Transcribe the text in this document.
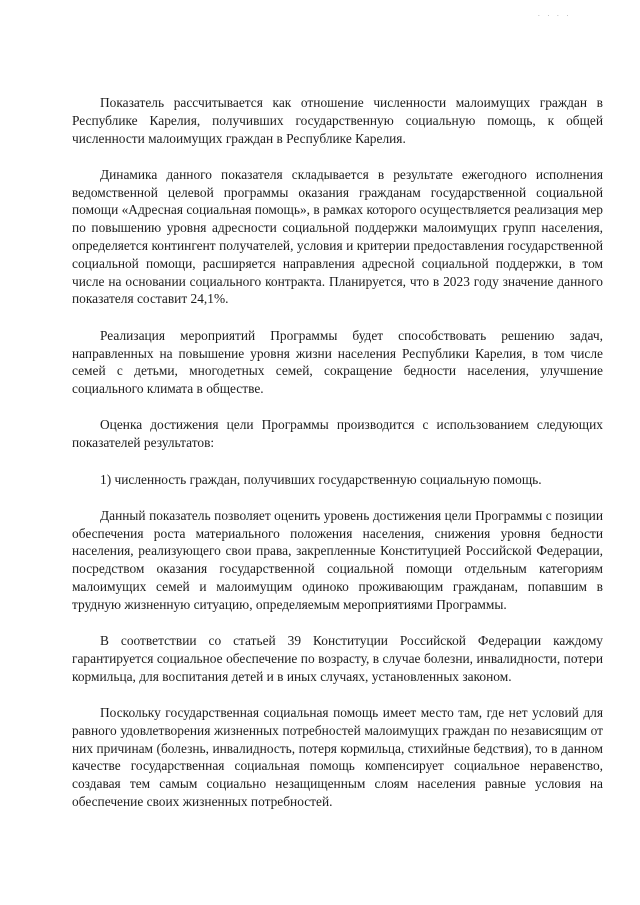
. . . .

Показатель рассчитывается как отношение численности малоимущих граждан в Республике Карелия, получивших государственную социальную помощь, к общей численности малоимущих граждан в Республике Карелия.

Динамика данного показателя складывается в результате ежегодного исполнения ведомственной целевой программы оказания гражданам государственной социальной помощи «Адресная социальная помощь», в рамках которого осуществляется реализация мер по повышению уровня адресности социальной поддержки малоимущих групп населения, определяется контингент получателей, условия и критерии предоставления государственной социальной помощи, расширяется направления адресной социальной поддержки, в том числе на основании социального контракта. Планируется, что в 2023 году значение данного показателя составит 24,1%.

Реализация мероприятий Программы будет способствовать решению задач, направленных на повышение уровня жизни населения Республики Карелия, в том числе семей с детьми, многодетных семей, сокращение бедности населения, улучшение социального климата в обществе.

Оценка достижения цели Программы производится с использованием следующих показателей результатов:

1) численность граждан, получивших государственную социальную помощь.

Данный показатель позволяет оценить уровень достижения цели Программы с позиции обеспечения роста материального положения населения, снижения уровня бедности населения, реализующего свои права, закрепленные Конституцией Российской Федерации, посредством оказания государственной социальной помощи отдельным категориям малоимущих семей и малоимущим одиноко проживающим гражданам, попавшим в трудную жизненную ситуацию, определяемым мероприятиями Программы.

В соответствии со статьей 39 Конституции Российской Федерации каждому гарантируется социальное обеспечение по возрасту, в случае болезни, инвалидности, потери кормильца, для воспитания детей и в иных случаях, установленных законом.

Поскольку государственная социальная помощь имеет место там, где нет условий для равного удовлетворения жизненных потребностей малоимущих граждан по независящим от них причинам (болезнь, инвалидность, потеря кормильца, стихийные бедствия), то в данном качестве государственная социальная помощь компенсирует социальное неравенство, создавая тем самым социально незащищенным слоям населения равные условия на обеспечение своих жизненных потребностей.
